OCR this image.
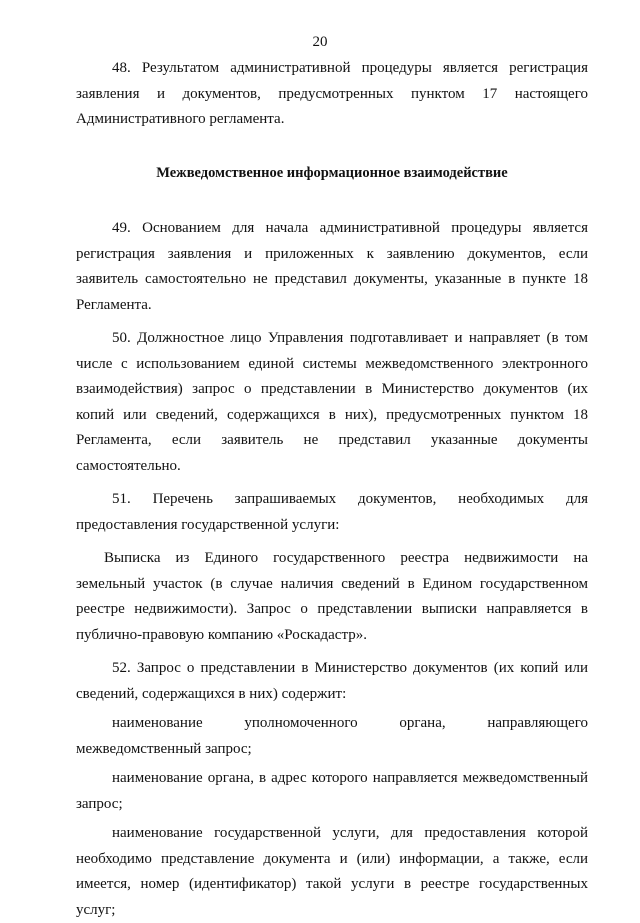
20

48. Результатом административной процедуры является регистрация заявления и документов, предусмотренных пунктом 17 настоящего Административного регламента.

Межведомственное информационное взаимодействие

49. Основанием для начала административной процедуры является регистрация заявления и приложенных к заявлению документов, если заявитель самостоятельно не представил документы, указанные в пункте 18 Регламента.

50. Должностное лицо Управления подготавливает и направляет (в том числе с использованием единой системы межведомственного электронного взаимодействия) запрос о представлении в Министерство документов (их копий или сведений, содержащихся в них), предусмотренных пунктом 18 Регламента, если заявитель не представил указанные документы самостоятельно.

51. Перечень запрашиваемых документов, необходимых для предоставления государственной услуги:

Выписка из Единого государственного реестра недвижимости на земельный участок (в случае наличия сведений в Едином государственном реестре недвижимости). Запрос о представлении выписки направляется в публично-правовую компанию «Роскадастр».

52. Запрос о представлении в Министерство документов (их копий или сведений, содержащихся в них) содержит:

наименование уполномоченного органа, направляющего межведомственный запрос;

наименование органа, в адрес которого направляется межведомственный запрос;

наименование государственной услуги, для предоставления которой необходимо представление документа и (или) информации, а также, если имеется, номер (идентификатор) такой услуги в реестре государственных услуг;
